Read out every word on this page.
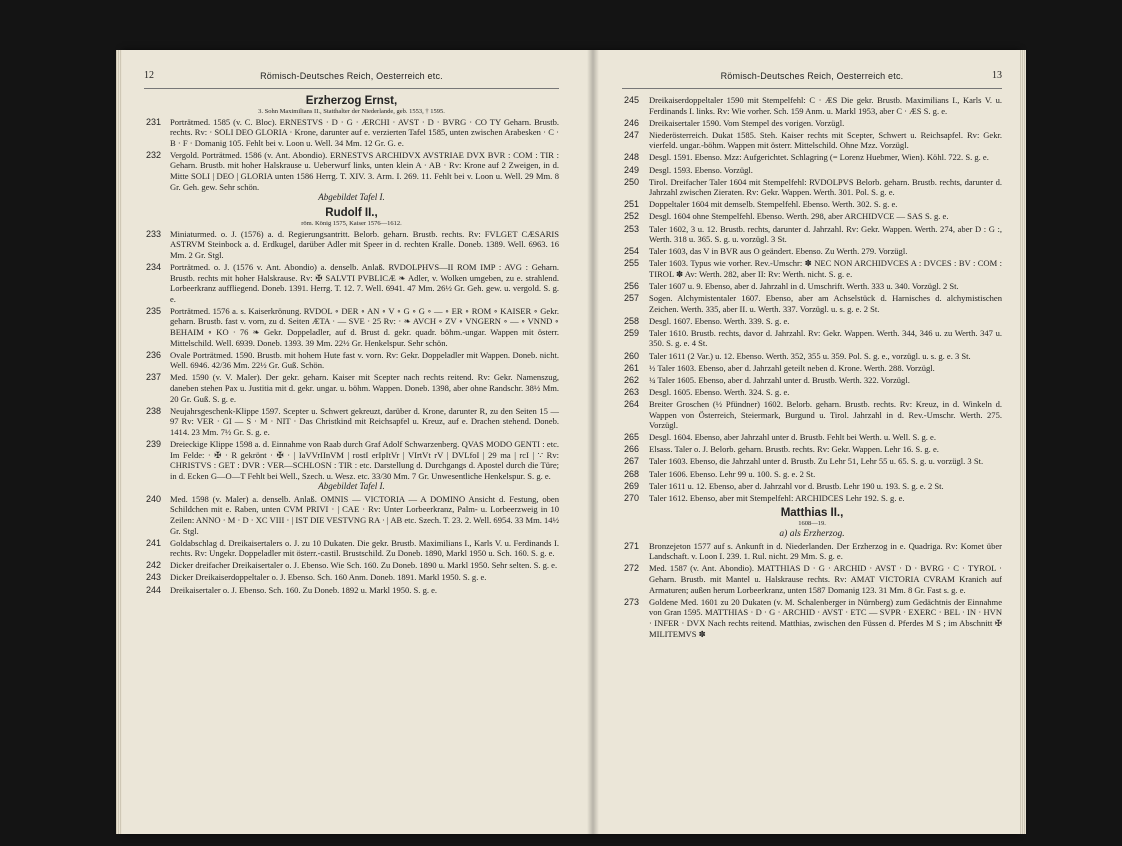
12	Römisch-Deutsches Reich, Oesterreich etc.
Erzherzog Ernst,
3. Sohn Maximilians II., Statthalter der Niederlande, geb. 1553, † 1595.
231 Porträtmed. 1585 (v. C. Bloc). ERNESTVS · D · G · ÆRCHI · AVST · D · BVRG · CO TY Geharn. Brustb. rechts. Rv: · SOLI DEO GLORIA · Krone, darunter auf e. verzierten Tafel 1585, unten zwischen Arabesken · C · B · F · Domanig 105. Fehlt bei v. Loon u. Well. 34 Mm. 12 Gr. G. e.
232 Vergold. Porträtmed. 1586 (v. Ant. Abondio). ERNESTVS ARCHIDVX AVSTRIAE DVX BVR : COM : TIR : Geharn. Brustb. mit hoher Halskrause u. Ueberwurf links, unten klein A · AB · Rv: Krone auf 2 Zweigen, in d. Mitte SOLI | DEO | GLORIA unten 1586 Herrg. T. XIV. 3. Arm. I. 269. 11. Fehlt bei v. Loon u. Well. 29 Mm. 8 Gr. Geh. gew. Sehr schön.
Abgebildet Tafel I.
Rudolf II.,
röm. König 1575, Kaiser 1576—1612.
233 Miniaturmed. o. J. (1576) a. d. Regierungsantritt. Belorb. geharn. Brustb. rechts. Rv: FVLGET CÆSARIS ASTRVM Steinbock a. d. Erdkugel, darüber Adler mit Speer in d. rechten Kralle. Doneb. 1389. Well. 6963. 16 Mm. 2 Gr. Stgl.
234 Porträtmed. o. J. (1576 v. Ant. Abondio) a. denselb. Anlaß. RVDOLPHVS—II ROM IMP : AVG : Geharn. Brustb. rechts mit hoher Halskrause. Rv: ✠ SALVTI PVBLICÆ ❧ Adler, v. Wolken umgeben, zu e. strahlend. Lorbeerkranz auffliegend. Doneb. 1391. Herrg. T. 12. 7. Well. 6941. 47 Mm. 26½ Gr. Geh. gew. u. vergold. S. g. e.
235 Porträtmed. 1576 a. s. Kaiserkrönung. RVDOL ∘ DER ∘ AN ∘ V ∘ G ∘ G ∘ — ∘ ER ∘ ROM ∘ KAISER ∘ Gekr. geharn. Brustb. fast v. vorn, zu d. Seiten ÆTA · — SVE · 25 Rv: · ❧ AVCH ∘ ZV ∘ VNGERN ∘ — ∘ VNND ∘ BEHAIM ∘ KO · 76 ❧ Gekr. Doppeladler, auf d. Brust d. gekr. quadr. böhm.-ungar. Wappen mit österr. Mittelschild. Well. 6939. Doneb. 1393. 39 Mm. 22½ Gr. Henkelspur. Sehr schön.
236 Ovale Porträtmed. 1590. Brustb. mit hohem Hute fast v. vorn. Rv: Gekr. Doppeladler mit Wappen. Doneb. nicht. Well. 6946. 42/36 Mm. 22½ Gr. Guß. Schön.
237 Med. 1590 (v. V. Maler). Der gekr. geharn. Kaiser mit Scepter nach rechts reitend. Rv: Gekr. Namenszug, daneben stehen Pax u. Justitia mit d. gekr. ungar. u. böhm. Wappen. Doneb. 1398, aber ohne Randschr. 38½ Mm. 20 Gr. Guß. S. g. e.
238 Neujahrsgeschenk-Klippe 1597. Scepter u. Schwert gekreuzt, darüber d. Krone, darunter R, zu den Seiten 15 — 97 Rv: VER · GI — S · M · NIT · Das Christkind mit Reichsapfel u. Kreuz, auf e. Drachen stehend. Doneb. 1414. 23 Mm. 7½ Gr. S. g. e.
239 Dreieckige Klippe 1598 a. d. Einnahme von Raab durch Graf Adolf Schwarzenberg. QVAS MODO GENTI : etc. Im Felde: · ✠ · R gekrönt · ✠ · | IaVVrIInVM | rostI erIpItVr | VIrtVt rV | DVLfoI | 29 ma | rcI | ∵ Rv: CHRISTVS : GET : DVR : VER—SCHLOSN : TIR : etc. Darstellung d. Durchgangs d. Apostel durch die Türe; in d. Ecken G—O—T Fehlt bei Well., Szech. u. Wesz. etc. 33/30 Mm. 7 Gr. Unwesentliche Henkelspur. S. g. e.
Abgebildet Tafel I.
240 Med. 1598 (v. Maler) a. denselb. Anlaß. OMNIS — VICTORIA — A DOMINO Ansicht d. Festung, oben Schildchen mit e. Raben, unten CVM PRIVI · | CAE · Rv: Unter Lorbeerkranz, Palm- u. Lorbeerzweig in 10 Zeilen: ANNO · M · D · XC VIII · | IST DIE VESTVNG RA · | AB etc. Szech. T. 23. 2. Well. 6954. 33 Mm. 14½ Gr. Stgl.
241 Goldabschlag d. Dreikaisertalers o. J. zu 10 Dukaten. Die gekr. Brustb. Maximilians I., Karls V. u. Ferdinands I. rechts. Rv: Ungekr. Doppeladler mit österr.-castil. Brustschild. Zu Doneb. 1890, Markl 1950 u. Sch. 160. S. g. e.
242 Dicker dreifacher Dreikaisertaler o. J. Ebenso. Wie Sch. 160. Zu Doneb. 1890 u. Markl 1950. Sehr selten. S. g. e.
243 Dicker Dreikaiserdoppeltaler o. J. Ebenso. Sch. 160 Anm. Doneb. 1891. Markl 1950. S. g. e.
244 Dreikaisertaler o. J. Ebenso. Sch. 160. Zu Doneb. 1892 u. Markl 1950. S. g. e.
13
Römisch-Deutsches Reich, Oesterreich etc.
245 Dreikaiserdoppeltaler 1590 mit Stempelfehl: C · ÆS Die gekr. Brustb. Maximilians I., Karls V. u. Ferdinands I. links. Rv: Wie vorher. Sch. 159 Anm. u. Markl 1953, aber C · ÆS S. g. e.
246 Dreikaisertaler 1590. Vom Stempel des vorigen. Vorzügl.
247 Niederösterreich. Dukat 1585. Steh. Kaiser rechts mit Scepter, Schwert u. Reichsapfel. Rv: Gekr. vierfeld. ungar.-böhm. Wappen mit österr. Mittelschild. Ohne Mzz. Vorzügl.
248 Desgl. 1591. Ebenso. Mzz: Aufgerichtet. Schlagring (= Lorenz Huebmer, Wien). Köhl. 722. S. g. e.
249 Desgl. 1593. Ebenso. Vorzügl.
250 Tirol. Dreifacher Taler 1604 mit Stempelfehl: RVDOLPVS Belorb. geharn. Brustb. rechts, darunter d. Jahrzahl zwischen Zieraten. Rv: Gekr. Wappen. Werth. 301. Pol. S. g. e.
251 Doppeltaler 1604 mit demselb. Stempelfehl. Ebenso. Werth. 302. S. g. e.
252 Desgl. 1604 ohne Stempelfehl. Ebenso. Werth. 298, aber ARCHIDVCE — SAS S. g. e.
253 Taler 1602, 3 u. 12. Brustb. rechts, darunter d. Jahrzahl. Rv: Gekr. Wappen. Werth. 274, aber D : G :, Werth. 318 u. 365. S. g. u. vorzügl. 3 St.
254 Taler 1603, das V in BVR aus O geändert. Ebenso. Zu Werth. 279. Vorzügl.
255 Taler 1603. Typus wie vorher. Rev.-Umschr: ✽ NEC NON ARCHIDVCES A : DVCES : BV : COM : TIROL ✽ Av: Werth. 282, aber II: Rv: Werth. nicht. S. g. e.
256 Taler 1607 u. 9. Ebenso, aber d. Jahrzahl in d. Umschrift. Werth. 333 u. 340. Vorzügl. 2 St.
257 Sogen. Alchymistentaler 1607. Ebenso, aber am Achselstück d. Harnisches d. alchymistischen Zeichen. Werth. 335, aber II. u. Werth. 337. Vorzügl. u. s. g. e. 2 St.
258 Desgl. 1607. Ebenso. Werth. 339. S. g. e.
259 Taler 1610. Brustb. rechts, davor d. Jahrzahl. Rv: Gekr. Wappen. Werth. 344, 346 u. zu Werth. 347 u. 350. S. g. e. 4 St.
260 Taler 1611 (2 Var.) u. 12. Ebenso. Werth. 352, 355 u. 359. Pol. S. g. e., vorzügl. u. s. g. e. 3 St.
261 ½ Taler 1603. Ebenso, aber d. Jahrzahl geteilt neben d. Krone. Werth. 288. Vorzügl.
262 ¼ Taler 1605. Ebenso, aber d. Jahrzahl unter d. Brustb. Werth. 322. Vorzügl.
263 Desgl. 1605. Ebenso. Werth. 324. S. g. e.
264 Breiter Groschen (½ Pfündner) 1602. Belorb. geharn. Brustb. rechts. Rv: Kreuz, in d. Winkeln d. Wappen von Österreich, Steiermark, Burgund u. Tirol. Jahrzahl in d. Rev.-Umschr. Werth. 275. Vorzügl.
265 Desgl. 1604. Ebenso, aber Jahrzahl unter d. Brustb. Fehlt bei Werth. u. Well. S. g. e.
266 Elsass. Taler o. J. Belorb. geharn. Brustb. rechts. Rv: Gekr. Wappen. Lehr 16. S. g. e.
267 Taler 1603. Ebenso, die Jahrzahl unter d. Brustb. Zu Lehr 51, Lehr 55 u. 65. S. g. u. vorzügl. 3 St.
268 Taler 1606. Ebenso. Lehr 99 u. 100. S. g. e. 2 St.
269 Taler 1611 u. 12. Ebenso, aber d. Jahrzahl vor d. Brustb. Lehr 190 u. 193. S. g. e. 2 St.
270 Taler 1612. Ebenso, aber mit Stempelfehl: ARCHIDCES Lehr 192. S. g. e.
Matthias II.,
1608—19.
a) als Erzherzog.
271 Bronzejeton 1577 auf s. Ankunft in d. Niederlanden. Der Erzherzog in e. Quadriga. Rv: Komet über Landschaft. v. Loon I. 239. 1. Rul. nicht. 29 Mm. S. g. e.
272 Med. 1587 (v. Ant. Abondio). MATTHIAS D · G · ARCHID · AVST · D · BVRG · C · TYROL · Geharn. Brustb. mit Mantel u. Halskrause rechts. Rv: AMAT VICTORIA CVRAM Kranich auf Armaturen; außen herum Lorbeerkranz, unten 1587 Domanig 123. 31 Mm. 8 Gr. Fast s. g. e.
273 Goldene Med. 1601 zu 20 Dukaten (v. M. Schalenberger in Nürnberg) zum Gedächtnis der Einnahme von Gran 1595. MATTHIAS · D · G · ARCHID · AVST · ETC — SVPR · EXERC · BEL · IN · HVN · INFER · DVX Nach rechts reitend. Matthias, zwischen den Füssen d. Pferdes M S ; im Abschnitt ✠ MILITEMVS ✽
